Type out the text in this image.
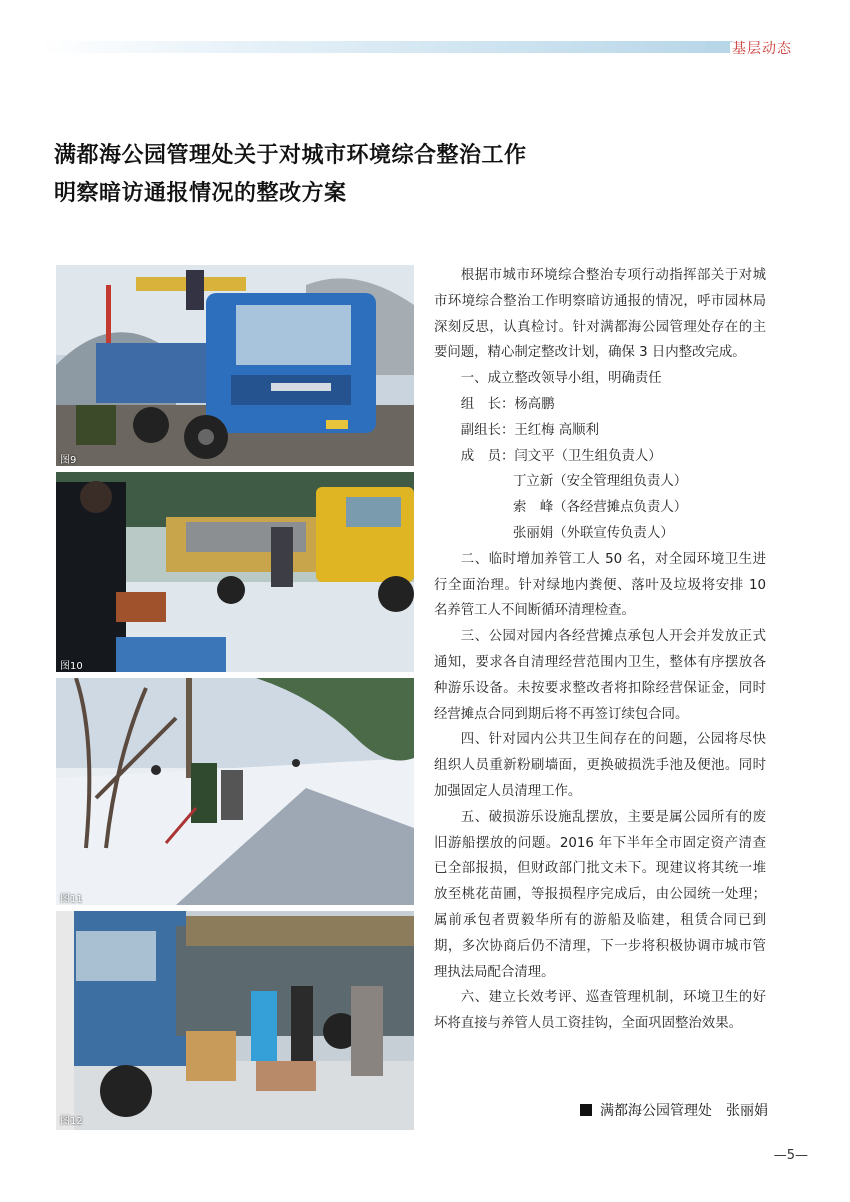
基层动态
满都海公园管理处关于对城市环境综合整治工作
明察暗访通报情况的整改方案
图9
图10
图11
图12

根据市城市环境综合整治专项行动指挥部关于对城市环境综合整治工作明察暗访通报的情况，呼市园林局深刻反思，认真检讨。针对满都海公园管理处存在的主要问题，精心制定整改计划，确保 3 日内整改完成。

一、成立整改领导小组，明确责任

组　长：杨高鹏

副组长：王红梅 高顺利

成　员：闫文平（卫生组负责人）

丁立新（安全管理组负责人）

索　峰（各经营摊点负责人）

张丽娟（外联宣传负责人）

二、临时增加养管工人 50 名，对全园环境卫生进行全面治理。针对绿地内粪便、落叶及垃圾将安排 10 名养管工人不间断循环清理检查。

三、公园对园内各经营摊点承包人开会并发放正式通知，要求各自清理经营范围内卫生，整体有序摆放各种游乐设备。未按要求整改者将扣除经营保证金，同时经营摊点合同到期后将不再签订续包合同。

四、针对园内公共卫生间存在的问题，公园将尽快组织人员重新粉刷墙面，更换破损洗手池及便池。同时加强固定人员清理工作。

五、破损游乐设施乱摆放，主要是属公园所有的废旧游船摆放的问题。2016 年下半年全市固定资产清查已全部报损，但财政部门批文未下。现建议将其统一堆放至桃花苗圃，等报损程序完成后，由公园统一处理；属前承包者贾毅华所有的游船及临建，租赁合同已到期，多次协商后仍不清理，下一步将积极协调市城市管理执法局配合清理。

六、建立长效考评、巡查管理机制，环境卫生的好坏将直接与养管人员工资挂钩，全面巩固整治效果。

满都海公园管理处　张丽娟
—5—
